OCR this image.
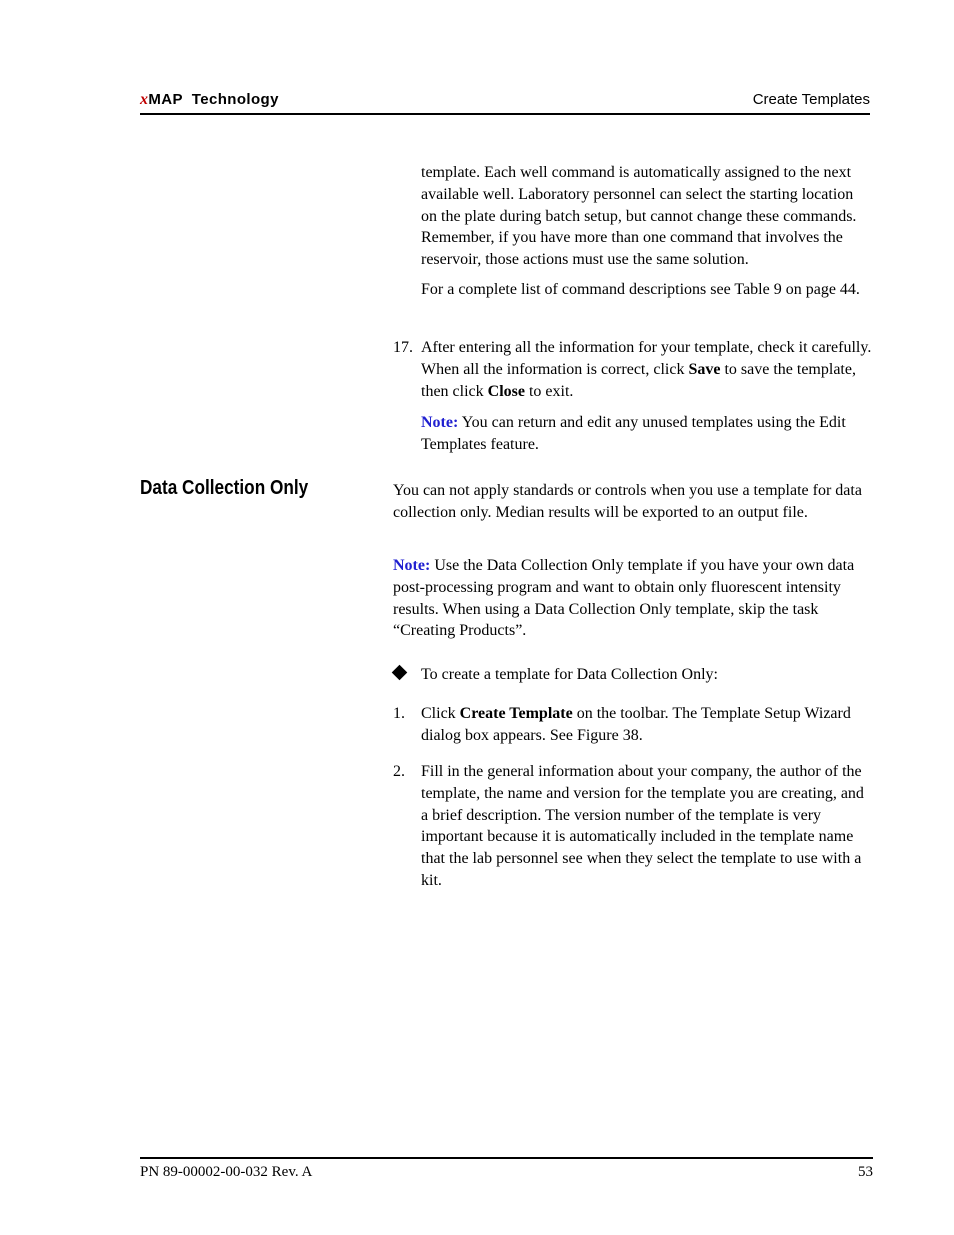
xMAP  Technology	Create Templates

template. Each well command is automatically assigned to the next available well. Laboratory personnel can select the starting location on the plate during batch setup, but cannot change these commands. Remember, if you have more than one command that involves the reservoir, those actions must use the same solution.

For a complete list of command descriptions see Table 9 on page 44.

17. After entering all the information for your template, check it carefully. When all the information is correct, click Save to save the template, then click Close to exit.

Note: You can return and edit any unused templates using the Edit Templates feature.

Data Collection Only	You can not apply standards or controls when you use a template for data collection only. Median results will be exported to an output file.

Note: Use the Data Collection Only template if you have your own data post-processing program and want to obtain only fluorescent intensity results. When using a Data Collection Only template, skip the task “Creating Products”.

To create a template for Data Collection Only:

1. Click Create Template on the toolbar. The Template Setup Wizard dialog box appears. See Figure 38.

2. Fill in the general information about your company, the author of the template, the name and version for the template you are creating, and a brief description. The version number of the template is very important because it is automatically included in the template name that the lab personnel see when they select the template to use with a kit.

PN 89-00002-00-032 Rev. A	53
